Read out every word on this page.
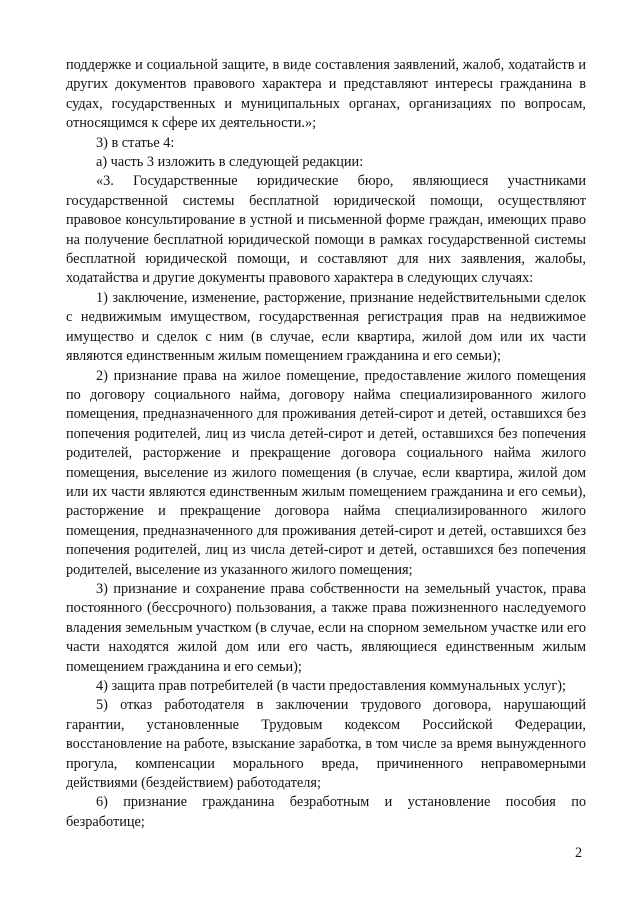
поддержке и социальной защите, в виде составления заявлений, жалоб, ходатайств и других документов правового характера и представляют интересы гражданина в судах, государственных и муниципальных органах, организациях по вопросам, относящимся к сфере их деятельности.»;

3) в статье 4:

а) часть 3 изложить в следующей редакции:

«3. Государственные юридические бюро, являющиеся участниками государственной системы бесплатной юридической помощи, осуществляют правовое консультирование в устной и письменной форме граждан, имеющих право на получение бесплатной юридической помощи в рамках государственной системы бесплатной юридической помощи, и составляют для них заявления, жалобы, ходатайства и другие документы правового характера в следующих случаях:

1) заключение, изменение, расторжение, признание недействительными сделок с недвижимым имуществом, государственная регистрация прав на недвижимое имущество и сделок с ним (в случае, если квартира, жилой дом или их части являются единственным жилым помещением гражданина и его семьи);

2) признание права на жилое помещение, предоставление жилого помещения по договору социального найма, договору найма специализированного жилого помещения, предназначенного для проживания детей-сирот и детей, оставшихся без попечения родителей, лиц из числа детей-сирот и детей, оставшихся без попечения родителей, расторжение и прекращение договора социального найма жилого помещения, выселение из жилого помещения (в случае, если квартира, жилой дом или их части являются единственным жилым помещением гражданина и его семьи), расторжение и прекращение договора найма специализированного жилого помещения, предназначенного для проживания детей-сирот и детей, оставшихся без попечения родителей, лиц из числа детей-сирот и детей, оставшихся без попечения родителей, выселение из указанного жилого помещения;

3) признание и сохранение права собственности на земельный участок, права постоянного (бессрочного) пользования, а также права пожизненного наследуемого владения земельным участком (в случае, если на спорном земельном участке или его части находятся жилой дом или его часть, являющиеся единственным жилым помещением гражданина и его семьи);

4) защита прав потребителей (в части предоставления коммунальных услуг);

5) отказ работодателя в заключении трудового договора, нарушающий гарантии, установленные Трудовым кодексом Российской Федерации, восстановление на работе, взыскание заработка, в том числе за время вынужденного прогула, компенсации морального вреда, причиненного неправомерными действиями (бездействием) работодателя;

6) признание гражданина безработным и установление пособия по безработице;

2
